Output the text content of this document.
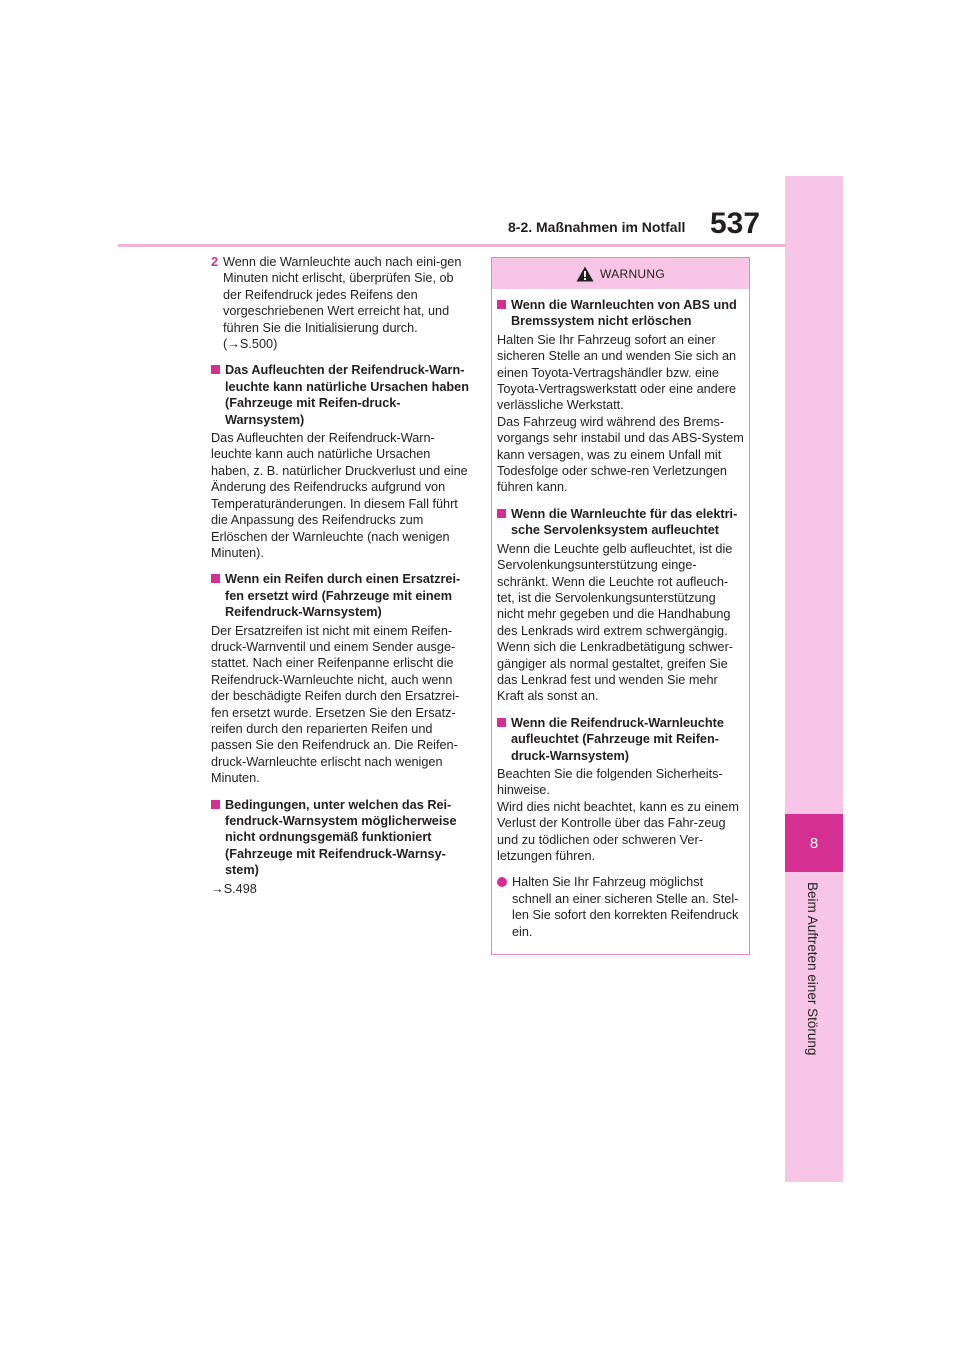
8
Beim Auftreten einer Störung
537
8-2. Maßnahmen im Notfall
2 Wenn die Warnleuchte auch nach eini-gen Minuten nicht erlischt, überprüfen Sie, ob der Reifendruck jedes Reifens den vorgeschriebenen Wert erreicht hat, und führen Sie die Initialisierung durch.
(→S.500)
Das Aufleuchten der Reifendruck-Warn-leuchte kann natürliche Ursachen haben (Fahrzeuge mit Reifen-druck-Warnsystem)

Das Aufleuchten der Reifendruck-Warn-leuchte kann auch natürliche Ursachen haben, z. B. natürlicher Druckverlust und eine Änderung des Reifendrucks aufgrund von Temperaturänderungen. In diesem Fall führt die Anpassung des Reifendrucks zum Erlöschen der Warnleuchte (nach wenigen Minuten).

Wenn ein Reifen durch einen Ersatzrei-fen ersetzt wird (Fahrzeuge mit einem Reifendruck-Warnsystem)

Der Ersatzreifen ist nicht mit einem Reifen-druck-Warnventil und einem Sender ausge-stattet. Nach einer Reifenpanne erlischt die Reifendruck-Warnleuchte nicht, auch wenn der beschädigte Reifen durch den Ersatzrei-fen ersetzt wurde. Ersetzen Sie den Ersatz-reifen durch den reparierten Reifen und passen Sie den Reifendruck an. Die Reifen-druck-Warnleuchte erlischt nach wenigen Minuten.

Bedingungen, unter welchen das Rei-fendruck-Warnsystem möglicherweise nicht ordnungsgemäß funktioniert (Fahrzeuge mit Reifendruck-Warnsy-stem)

→S.498

WARNUNG
Wenn die Warnleuchten von ABS und Bremssystem nicht erlöschen

Halten Sie Ihr Fahrzeug sofort an einer sicheren Stelle an und wenden Sie sich an einen Toyota-Vertragshändler bzw. eine Toyota-Vertragswerkstatt oder eine andere verlässliche Werkstatt.
Das Fahrzeug wird während des Brems-vorgangs sehr instabil und das ABS-System kann versagen, was zu einem Unfall mit Todesfolge oder schwe-ren Verletzungen führen kann.

Wenn die Warnleuchte für das elektri-sche Servolenksystem aufleuchtet

Wenn die Leuchte gelb aufleuchtet, ist die Servolenkungsunterstützung einge-schränkt. Wenn die Leuchte rot aufleuch-tet, ist die Servolenkungsunterstützung nicht mehr gegeben und die Handhabung des Lenkrads wird extrem schwergängig. Wenn sich die Lenkradbetätigung schwer-gängiger als normal gestaltet, greifen Sie das Lenkrad fest und wenden Sie mehr Kraft als sonst an.

Wenn die Reifendruck-Warnleuchte aufleuchtet (Fahrzeuge mit Reifen-druck-Warnsystem)

Beachten Sie die folgenden Sicherheits-hinweise.
Wird dies nicht beachtet, kann es zu einem Verlust der Kontrolle über das Fahr-zeug und zu tödlichen oder schweren Ver-letzungen führen.

Halten Sie Ihr Fahrzeug möglichst schnell an einer sicheren Stelle an. Stel-len Sie sofort den korrekten Reifendruck ein.
